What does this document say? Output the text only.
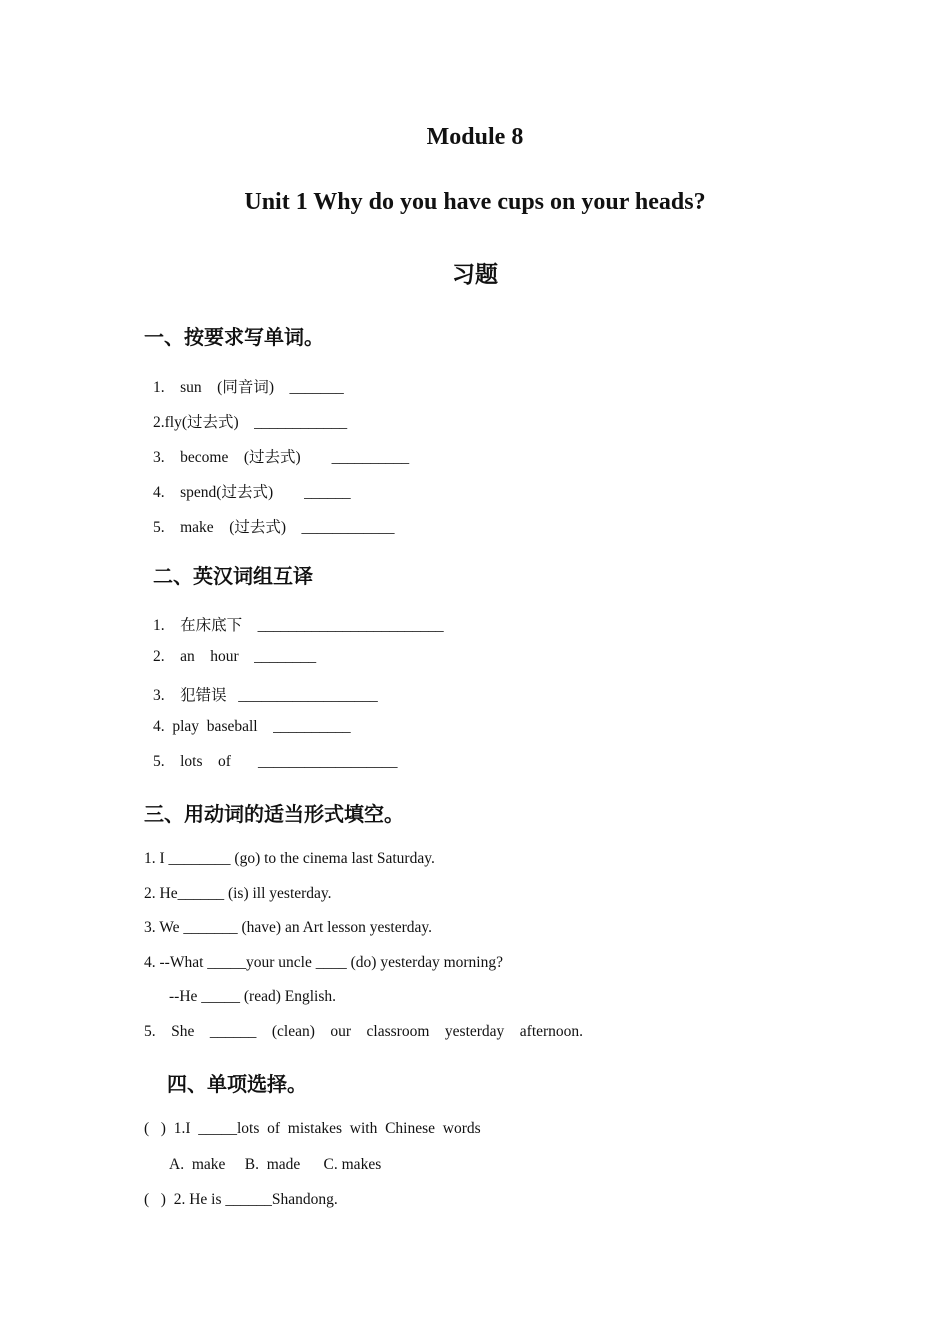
Module 8
Unit 1 Why do you have cups on your heads?
习题
一、按要求写单词。
1.    sun    (同音词)    _______
2.fly(过去式)    ____________
3.    become    (过去式)        __________
4.    spend(过去式)        ______
5.    make    (过去式)    ____________
二、英汉词组互译
1.    在床底下    ________________________
2.    an    hour    ________
3.    犯错误   __________________
4.  play  baseball    __________
5.    lots    of       __________________
三、用动词的适当形式填空。
1. I ________ (go) to the cinema last Saturday.
2. He______ (is) ill yesterday.
3. We _______ (have) an Art lesson yesterday.
4. --What _____your uncle ____ (do) yesterday morning?
--He _____ (read) English.
5.    She    ______    (clean)    our    classroom    yesterday    afternoon.
四、单项选择。
(   )  1.I  _____lots  of  mistakes  with  Chinese  words
A.  make     B.  made      C. makes
(   )  2. He is ______Shandong.
